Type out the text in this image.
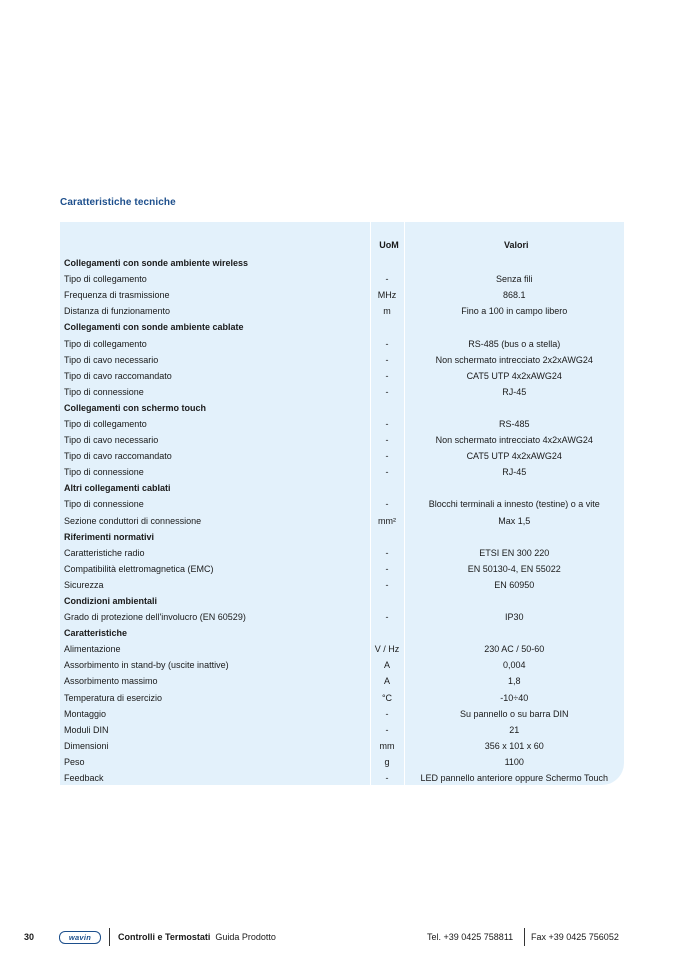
Caratteristiche tecniche
	UoM	Valori
Collegamenti con sonde ambiente wireless		
Tipo di collegamento	-	Senza fili
Frequenza di trasmissione	MHz	868.1
Distanza di funzionamento	m	Fino a 100 in campo libero
Collegamenti con sonde ambiente cablate		
Tipo di collegamento	-	RS-485 (bus o a stella)
Tipo di cavo necessario	-	Non schermato intrecciato 2x2xAWG24
Tipo di cavo raccomandato	-	CAT5 UTP 4x2xAWG24
Tipo di connessione	-	RJ-45
Collegamenti con schermo touch		
Tipo di collegamento	-	RS-485
Tipo di cavo necessario	-	Non schermato intrecciato 4x2xAWG24
Tipo di cavo raccomandato	-	CAT5 UTP 4x2xAWG24
Tipo di connessione	-	RJ-45
Altri collegamenti cablati		
Tipo di connessione	-	Blocchi terminali a innesto (testine) o a vite
Sezione conduttori di connessione	mm²	Max 1,5
Riferimenti normativi		
Caratteristiche radio	-	ETSI EN 300 220
Compatibilità elettromagnetica (EMC)	-	EN 50130-4, EN 55022
Sicurezza	-	EN 60950
Condizioni ambientali		
Grado di protezione dell'involucro (EN 60529)	-	IP30
Caratteristiche		
Alimentazione	V / Hz	230 AC / 50-60
Assorbimento in stand-by (uscite inattive)	A	0,004
Assorbimento massimo	A	1,8
Temperatura di esercizio	°C	-10÷40
Montaggio	-	Su pannello o su barra DIN
Moduli DIN	-	21
Dimensioni	mm	356 x 101 x 60
Peso	g	1100
Feedback	-	LED pannello anteriore oppure Schermo Touch
30	wavin	Controlli e Termostati Guida Prodotto	Tel. +39 0425 758811 Fax +39 0425 756052
